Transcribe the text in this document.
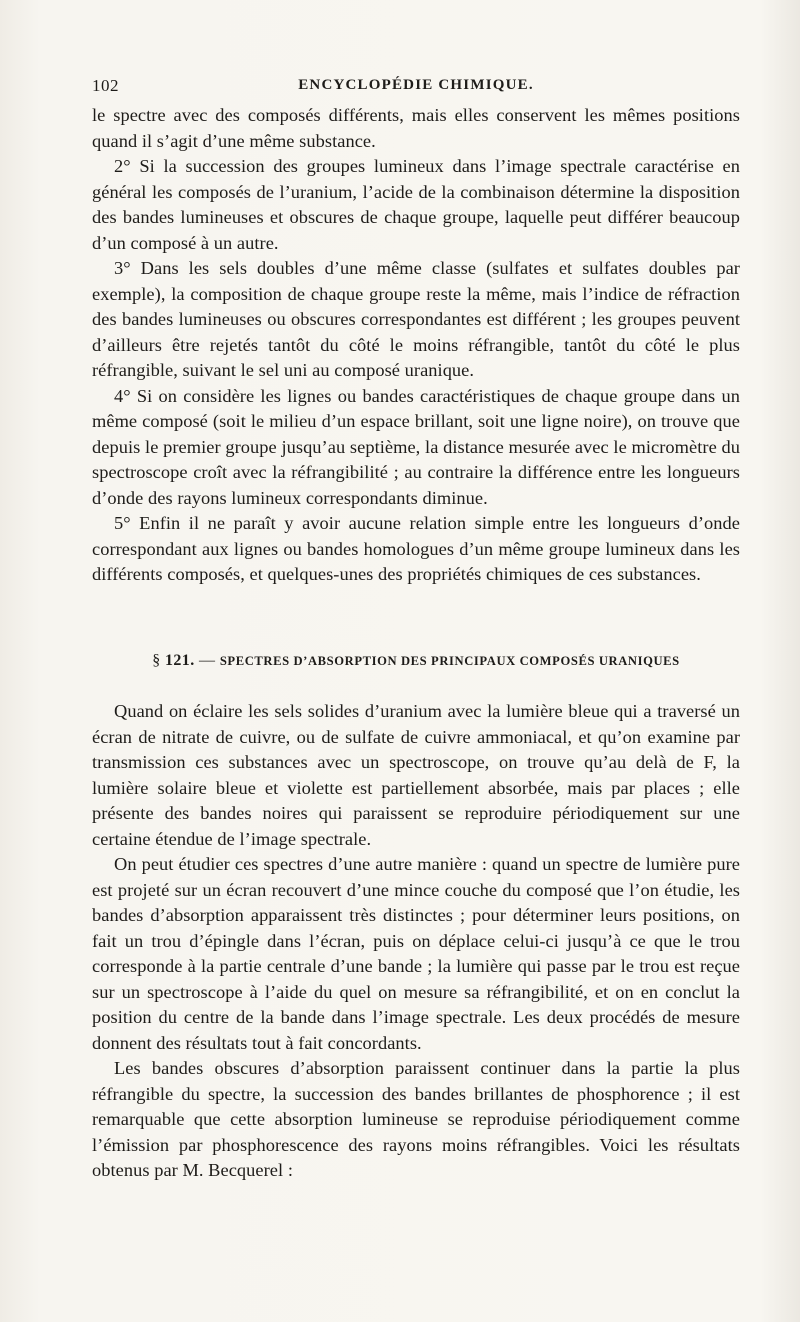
102	ENCYCLOPÉDIE CHIMIQUE.

le spectre avec des composés différents, mais elles conservent les mêmes positions quand il s’agit d’une même substance.

2° Si la succession des groupes lumineux dans l’image spectrale caractérise en général les composés de l’uranium, l’acide de la combinaison détermine la disposition des bandes lumineuses et obscures de chaque groupe, laquelle peut différer beaucoup d’un composé à un autre.

3° Dans les sels doubles d’une même classe (sulfates et sulfates doubles par exemple), la composition de chaque groupe reste la même, mais l’indice de réfraction des bandes lumineuses ou obscures correspondantes est différent ; les groupes peuvent d’ailleurs être rejetés tantôt du côté le moins réfrangible, tantôt du côté le plus réfrangible, suivant le sel uni au composé uranique.

4° Si on considère les lignes ou bandes caractéristiques de chaque groupe dans un même composé (soit le milieu d’un espace brillant, soit une ligne noire), on trouve que depuis le premier groupe jusqu’au septième, la distance mesurée avec le micromètre du spectroscope croît avec la réfrangibilité ; au contraire la différence entre les longueurs d’onde des rayons lumineux correspondants diminue.

5° Enfin il ne paraît y avoir aucune relation simple entre les longueurs d’onde correspondant aux lignes ou bandes homologues d’un même groupe lumineux dans les différents composés, et quelques-unes des propriétés chimiques de ces substances.

§ 121. — SPECTRES D’ABSORPTION DES PRINCIPAUX COMPOSÉS URANIQUES

Quand on éclaire les sels solides d’uranium avec la lumière bleue qui a traversé un écran de nitrate de cuivre, ou de sulfate de cuivre ammoniacal, et qu’on examine par transmission ces substances avec un spectroscope, on trouve qu’au delà de F, la lumière solaire bleue et violette est partiellement absorbée, mais par places ; elle présente des bandes noires qui paraissent se reproduire périodiquement sur une certaine étendue de l’image spectrale.

On peut étudier ces spectres d’une autre manière : quand un spectre de lumière pure est projeté sur un écran recouvert d’une mince couche du composé que l’on étudie, les bandes d’absorption apparaissent très distinctes ; pour déterminer leurs positions, on fait un trou d’épingle dans l’écran, puis on déplace celui-ci jusqu’à ce que le trou corresponde à la partie centrale d’une bande ; la lumière qui passe par le trou est reçue sur un spectroscope à l’aide du quel on mesure sa réfrangibilité, et on en conclut la position du centre de la bande dans l’image spectrale. Les deux procédés de mesure donnent des résultats tout à fait concordants.

Les bandes obscures d’absorption paraissent continuer dans la partie la plus réfrangible du spectre, la succession des bandes brillantes de phosphorence ; il est remarquable que cette absorption lumineuse se reproduise périodiquement comme l’émission par phosphorescence des rayons moins réfrangibles. Voici les résultats obtenus par M. Becquerel :
